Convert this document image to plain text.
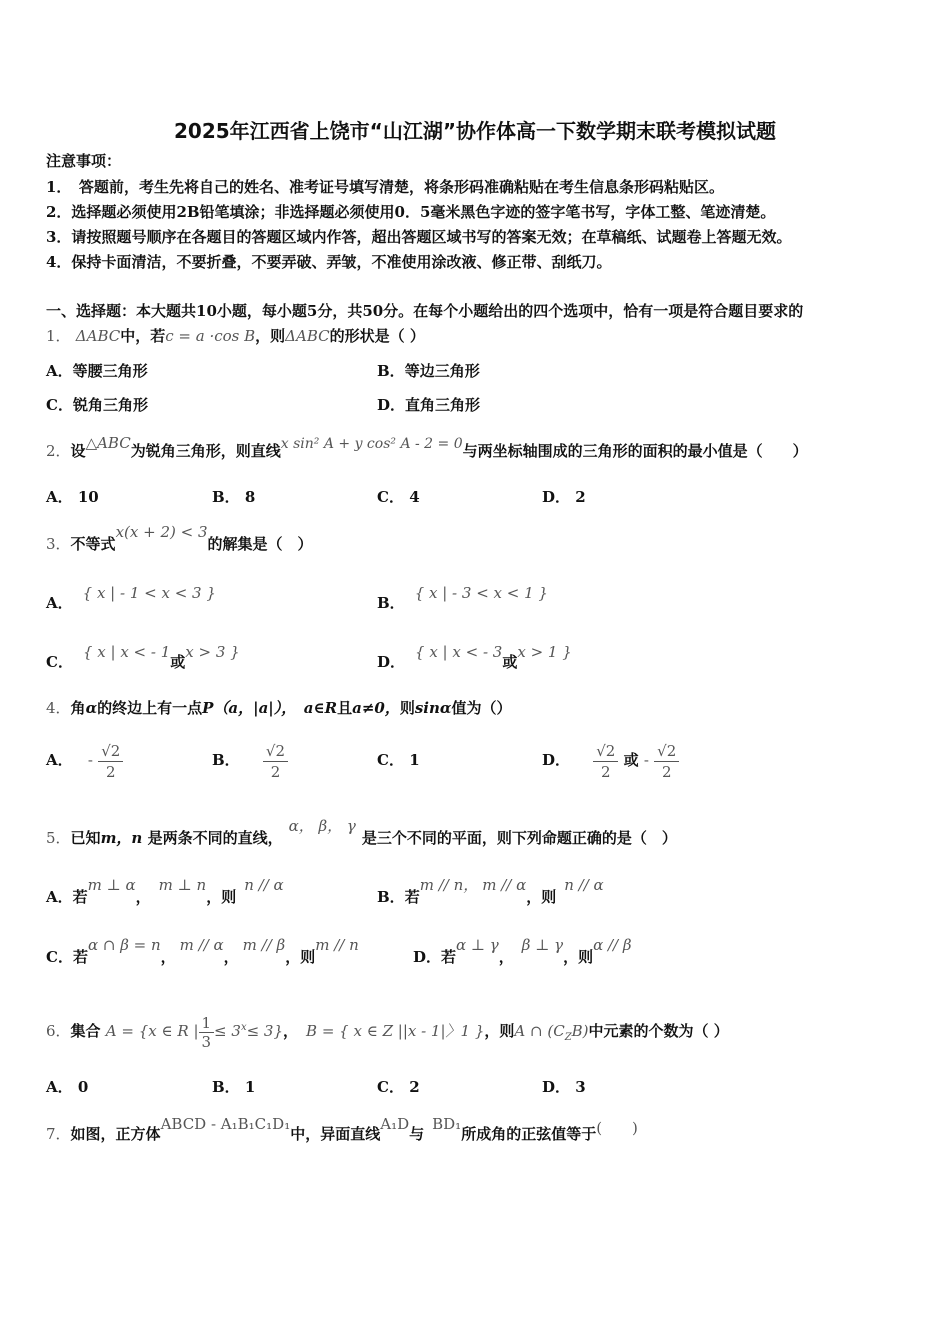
2025年江西省上饶市“山江湖”协作体高一下数学期末联考模拟试题
注意事项：
1．　答题前，考生先将自己的姓名、准考证号填写清楚，将条形码准确粘贴在考生信息条形码粘贴区。
2．选择题必须使用2B铅笔填涂；非选择题必须使用0．5毫米黑色字迹的签字笔书写，字体工整、笔迹清楚。
3．请按照题号顺序在各题目的答题区域内作答，超出答题区域书写的答案无效；在草稿纸、试题卷上答题无效。
4．保持卡面清洁，不要折叠，不要弄破、弄皱，不准使用涂改液、修正带、刮纸刀。
一、选择题：本大题共10小题，每小题5分，共50分。在每个小题给出的四个选项中，恰有一项是符合题目要求的
1． ΔABC中，若c = a ·cos B，则ΔABC的形状是（ ）
A．等腰三角形	B．等边三角形
C．锐角三角形	D．直角三角形
2．设△ABC为锐角三角形，则直线x sin² A + y cos² A - 2 = 0与两坐标轴围成的三角形的面积的最小值是（　　）
A． 10	B． 8	C． 4	D． 2
3．不等式x(x + 2) < 3的解集是（　）
A．{ x | - 1 < x < 3 }
B．{ x | - 3 < x < 1 }
C．{ x | x < - 1或x > 3 }
D．{ x | x < - 3或x > 1 }
4．角α的终边上有一点P（a，|a|），　 a∈R且a≠0，则sinα值为（）
A． - $\frac{√2}{2}$	B． $\frac{√2}{2}$	C． 1	D． $\frac{√2}{2}$ 或 - $\frac{√2}{2}$
5．已知m，n 是两条不同的直线，α， β， γ是三个不同的平面，则下列命题正确的是（　）
A．若m ⊥ α，m ⊥ n，则n // α
B．若m // n， m // α，则n // α
C．若α ∩ β = n，m // α，m // β，则m // n
D．若α ⊥ γ，β ⊥ γ，则α // β
6．集合 A = {x ∈ R | $\frac{1}{3} \le 3^x\le 3$}， B = { x ∈ Z ||x - 1|〉1 }，则A ∩ $(C_ZB)$中元素的个数为（ ）
A． 0	B． 1	C． 2	D． 3
7．如图，正方体ABCD - A₁B₁C₁D₁中，异面直线A₁D与BD₁所成角的正弦值等于(　　)
